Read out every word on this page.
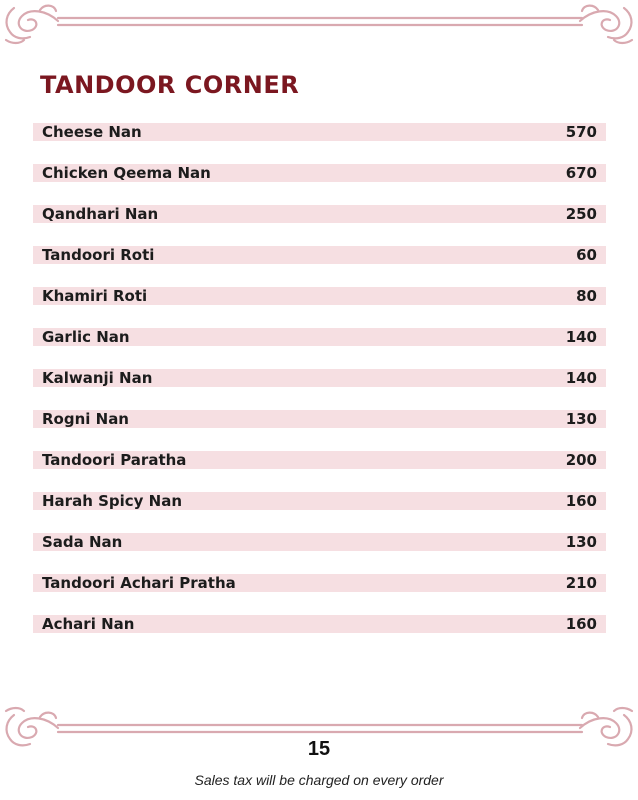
TANDOOR CORNER
Cheese Nan	570
Chicken Qeema Nan	670
Qandhari Nan	250
Tandoori Roti	60
Khamiri Roti	80
Garlic Nan	140
Kalwanji Nan	140
Rogni Nan	130
Tandoori Paratha	200
Harah Spicy Nan	160
Sada Nan	130
Tandoori Achari Pratha	210
Achari Nan	160
15
Sales tax will be charged on every order
